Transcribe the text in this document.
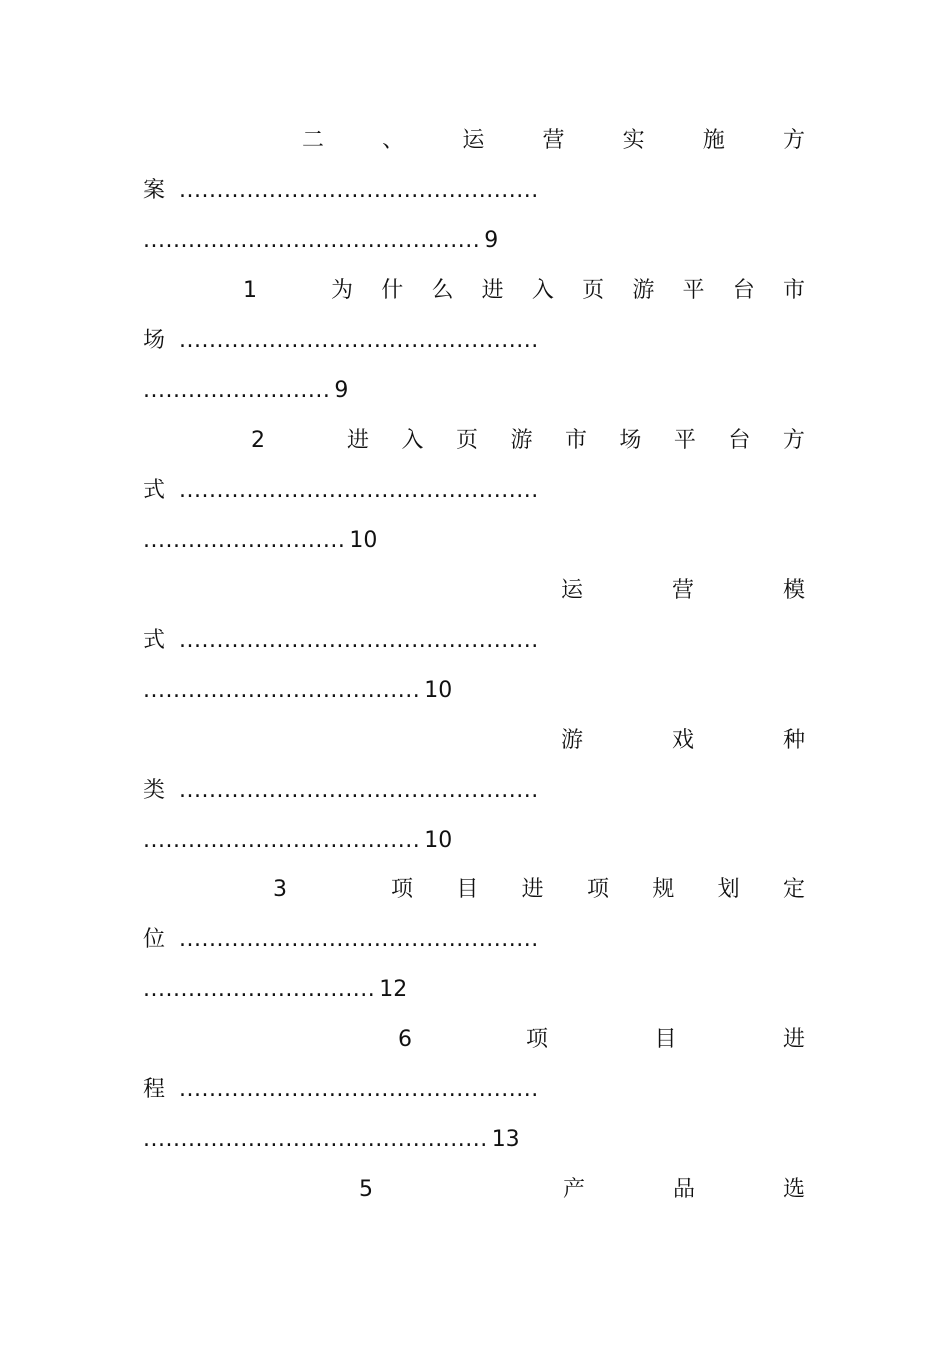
二	、	运	营	实	施	方
案 ................................................
............................................. 9
1	为 什 么 进 入 页 游 平 台 市
场 ................................................
......................... 9
2	进 入 页 游 市 场 平 台 方
式 ................................................
........................... 10
运	营	模
式 ................................................
..................................... 10
游	戏	种
类 ................................................
..................................... 10
3	项 目 进 项 规 划 定
位 ................................................
............................... 12
6	项	目	进
程 ................................................
.............................................. 13
5	产	品	选
